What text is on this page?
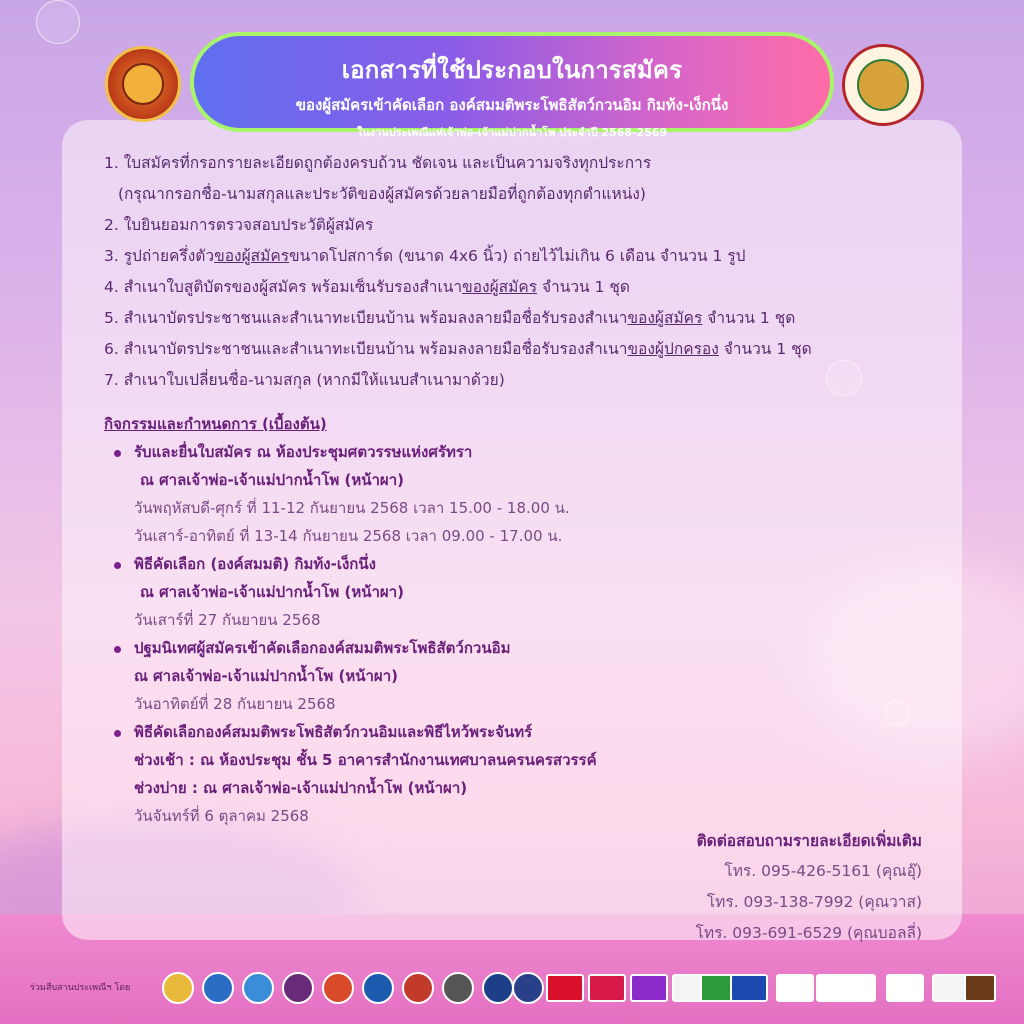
เอกสารที่ใช้ประกอบในการสมัคร
ของผู้สมัครเข้าคัดเลือก องค์สมมติพระโพธิสัตว์กวนอิม กิมท้ง-เง็กนึ่ง
ในงานประเพณีแห่เจ้าพ่อ-เจ้าแม่ปากน้ำโพ ประจำปี 2568-2569
1. ใบสมัครที่กรอกรายละเอียดถูกต้องครบถ้วน ชัดเจน และเป็นความจริงทุกประการ
(กรุณากรอกชื่อ-นามสกุลและประวัติของผู้สมัครด้วยลายมือที่ถูกต้องทุกตำแหน่ง)
2. ใบยินยอมการตรวจสอบประวัติผู้สมัคร
3. รูปถ่ายครึ่งตัวของผู้สมัครขนาดโปสการ์ด (ขนาด 4x6 นิ้ว) ถ่ายไว้ไม่เกิน 6 เดือน จำนวน 1 รูป
4. สำเนาใบสูติบัตรของผู้สมัคร พร้อมเซ็นรับรองสำเนาของผู้สมัคร จำนวน 1 ชุด
5. สำเนาบัตรประชาชนและสำเนาทะเบียนบ้าน พร้อมลงลายมือชื่อรับรองสำเนาของผู้สมัคร จำนวน 1 ชุด
6. สำเนาบัตรประชาชนและสำเนาทะเบียนบ้าน พร้อมลงลายมือชื่อรับรองสำเนาของผู้ปกครอง จำนวน 1 ชุด
7. สำเนาใบเปลี่ยนชื่อ-นามสกุล (หากมีให้แนบสำเนามาด้วย)
กิจกรรมและกำหนดการ (เบื้องต้น)
รับและยื่นใบสมัคร ณ ห้องประชุมศตวรรษแห่งศรัทรา
ณ ศาลเจ้าพ่อ-เจ้าแม่ปากน้ำโพ (หน้าผา)
วันพฤหัสบดี-ศุกร์ ที่ 11-12 กันยายน 2568 เวลา 15.00 - 18.00 น.
วันเสาร์-อาทิตย์ ที่ 13-14 กันยายน 2568 เวลา 09.00 - 17.00 น.
พิธีคัดเลือก (องค์สมมติ) กิมท้ง-เง็กนึ่ง
ณ ศาลเจ้าพ่อ-เจ้าแม่ปากน้ำโพ (หน้าผา)
วันเสาร์ที่ 27 กันยายน 2568
ปฐมนิเทศผู้สมัครเข้าคัดเลือกองค์สมมติพระโพธิสัตว์กวนอิม
ณ ศาลเจ้าพ่อ-เจ้าแม่ปากน้ำโพ (หน้าผา)
วันอาทิตย์ที่ 28 กันยายน 2568
พิธีคัดเลือกองค์สมมติพระโพธิสัตว์กวนอิมและพิธีไหว้พระจันทร์
ช่วงเช้า : ณ ห้องประชุม ชั้น 5 อาคารสำนักงานเทศบาลนครนครสวรรค์
ช่วงบ่าย : ณ ศาลเจ้าพ่อ-เจ้าแม่ปากน้ำโพ (หน้าผา)
วันจันทร์ที่ 6 ตุลาคม 2568
ติดต่อสอบถามรายละเอียดเพิ่มเติม
โทร. 095-426-5161 (คุณอุ๊)
โทร. 093-138-7992 (คุณวาส)
โทร. 093-691-6529 (คุณบอลลี่)
ร่วมสืบสานประเพณีฯ โดย
